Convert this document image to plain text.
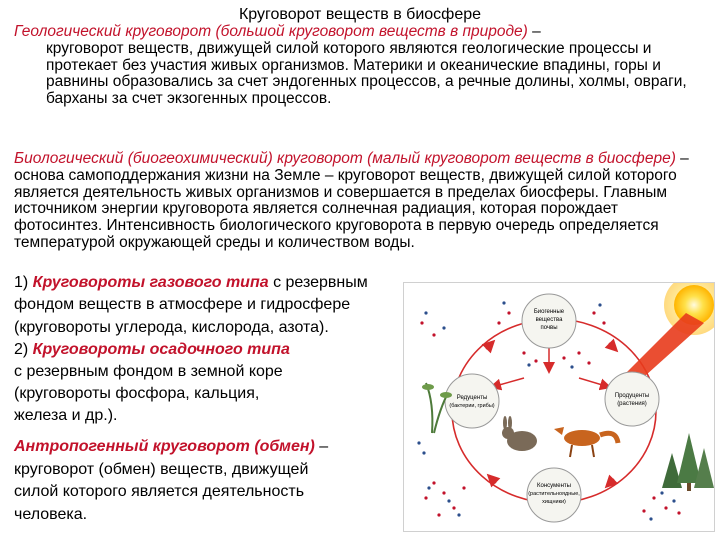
Круговорот веществ в биосфере
Геологический круговорот (большой круговорот веществ в природе) –
круговорот веществ, движущей силой которого являются геологические процессы и протекает без участия живых организмов. Материки и океанические впадины, горы и равнины образовались за счет эндогенных процессов, а речные долины, холмы, овраги, барханы за счет экзогенных процессов.
Биологический (биогеохимический) круговорот (малый круговорот веществ в биосфере) – основа самоподдержания жизни на Земле – круговорот веществ, движущей силой которого является деятельность живых организмов и совершается в пределах биосферы. Главным источником энергии круговорота является солнечная радиация, которая порождает фотосинтез. Интенсивность биологического круговорота в первую очередь определяется температурой окружающей среды и количеством воды.
1) Круговороты газового типа с резервным
фондом веществ в атмосфере и гидросфере
(круговороты углерода, кислорода, азота).
2) Круговороты осадочного типа
с резервным фондом в земной коре
(круговороты фосфора, кальция,
железа и др.).
Антропогенный круговорот (обмен) –
круговорот (обмен) веществ, движущей
силой которого является деятельность
человека.
Биогенные
вещества
почвы
Редуценты
(бактерии, грибы)
Продуценты
(растения)
Консументы
(растительноядные,
хищники)
